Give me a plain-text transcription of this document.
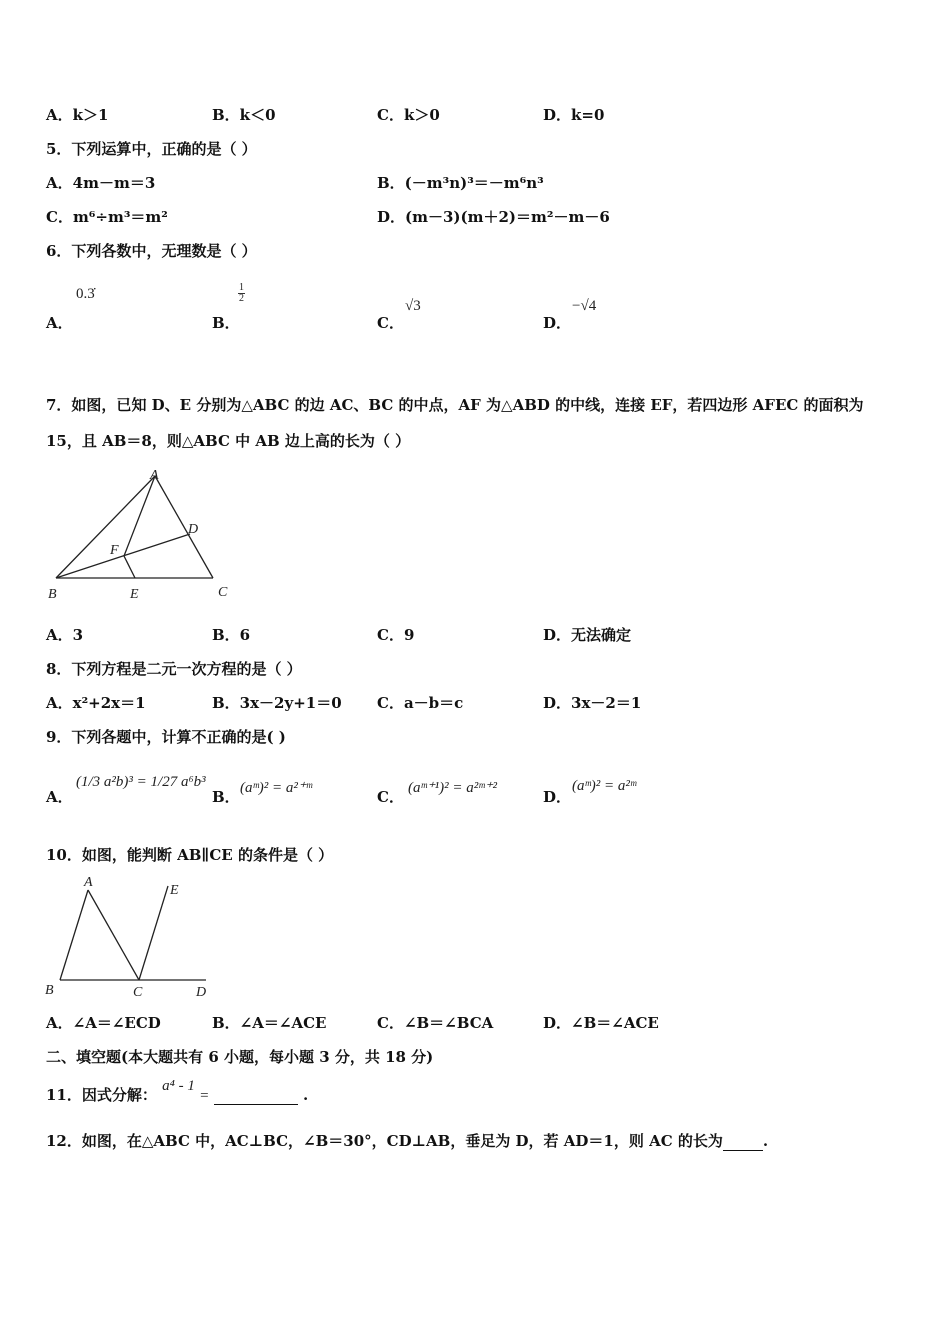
A．k＞1	B．k＜0	C．k＞0	D．k=0
5．下列运算中，正确的是（ ）
A．4m－m＝3	B．(－m³n)³＝－m⁶n³
C．m⁶÷m³＝m²	D．(m－3)(m＋2)＝m²－m－6
6．下列各数中，无理数是（ ）
A．
0.3̇
B．
$\frac{1}{2}$
C．
√3
D．
−√4
7．如图，已知 D、E 分别为△ABC 的边 AC、BC 的中点，AF 为△ABD 的中线，连接 EF，若四边形 AFEC 的面积为
15，且 AB＝8，则△ABC 中 AB 边上高的长为（ ）
A
B	C
D
E
F
A．3	B．6	C．9	D．无法确定
8．下列方程是二元一次方程的是（ ）
A．x²+2x＝1	B．3x－2y+1＝0 C．a－b＝c	D．3x－2＝1
9．下列各题中，计算不正确的是( )
A．
(1/3 a²b)³ = 1/27 a⁶b³
B． (aᵐ)² = a²⁺ᵐ	C． (aᵐ⁺¹)² = a²ᵐ⁺²	D．
(aᵐ)² = a²ᵐ
10．如图，能判断 AB∥CE 的条件是（ ）
A
B	C	D
E
A．∠A＝∠ECD	B．∠A＝∠ACE	C．∠B＝∠BCA	D．∠B＝∠ACE
二、填空题(本大题共有 6 小题，每小题 3 分，共 18 分)
11．因式分解： a⁴ - 1 =	.
12．如图，在△ABC 中，AC⊥BC，∠B＝30°，CD⊥AB，垂足为 D，若 AD＝1，则 AC 的长为	.
